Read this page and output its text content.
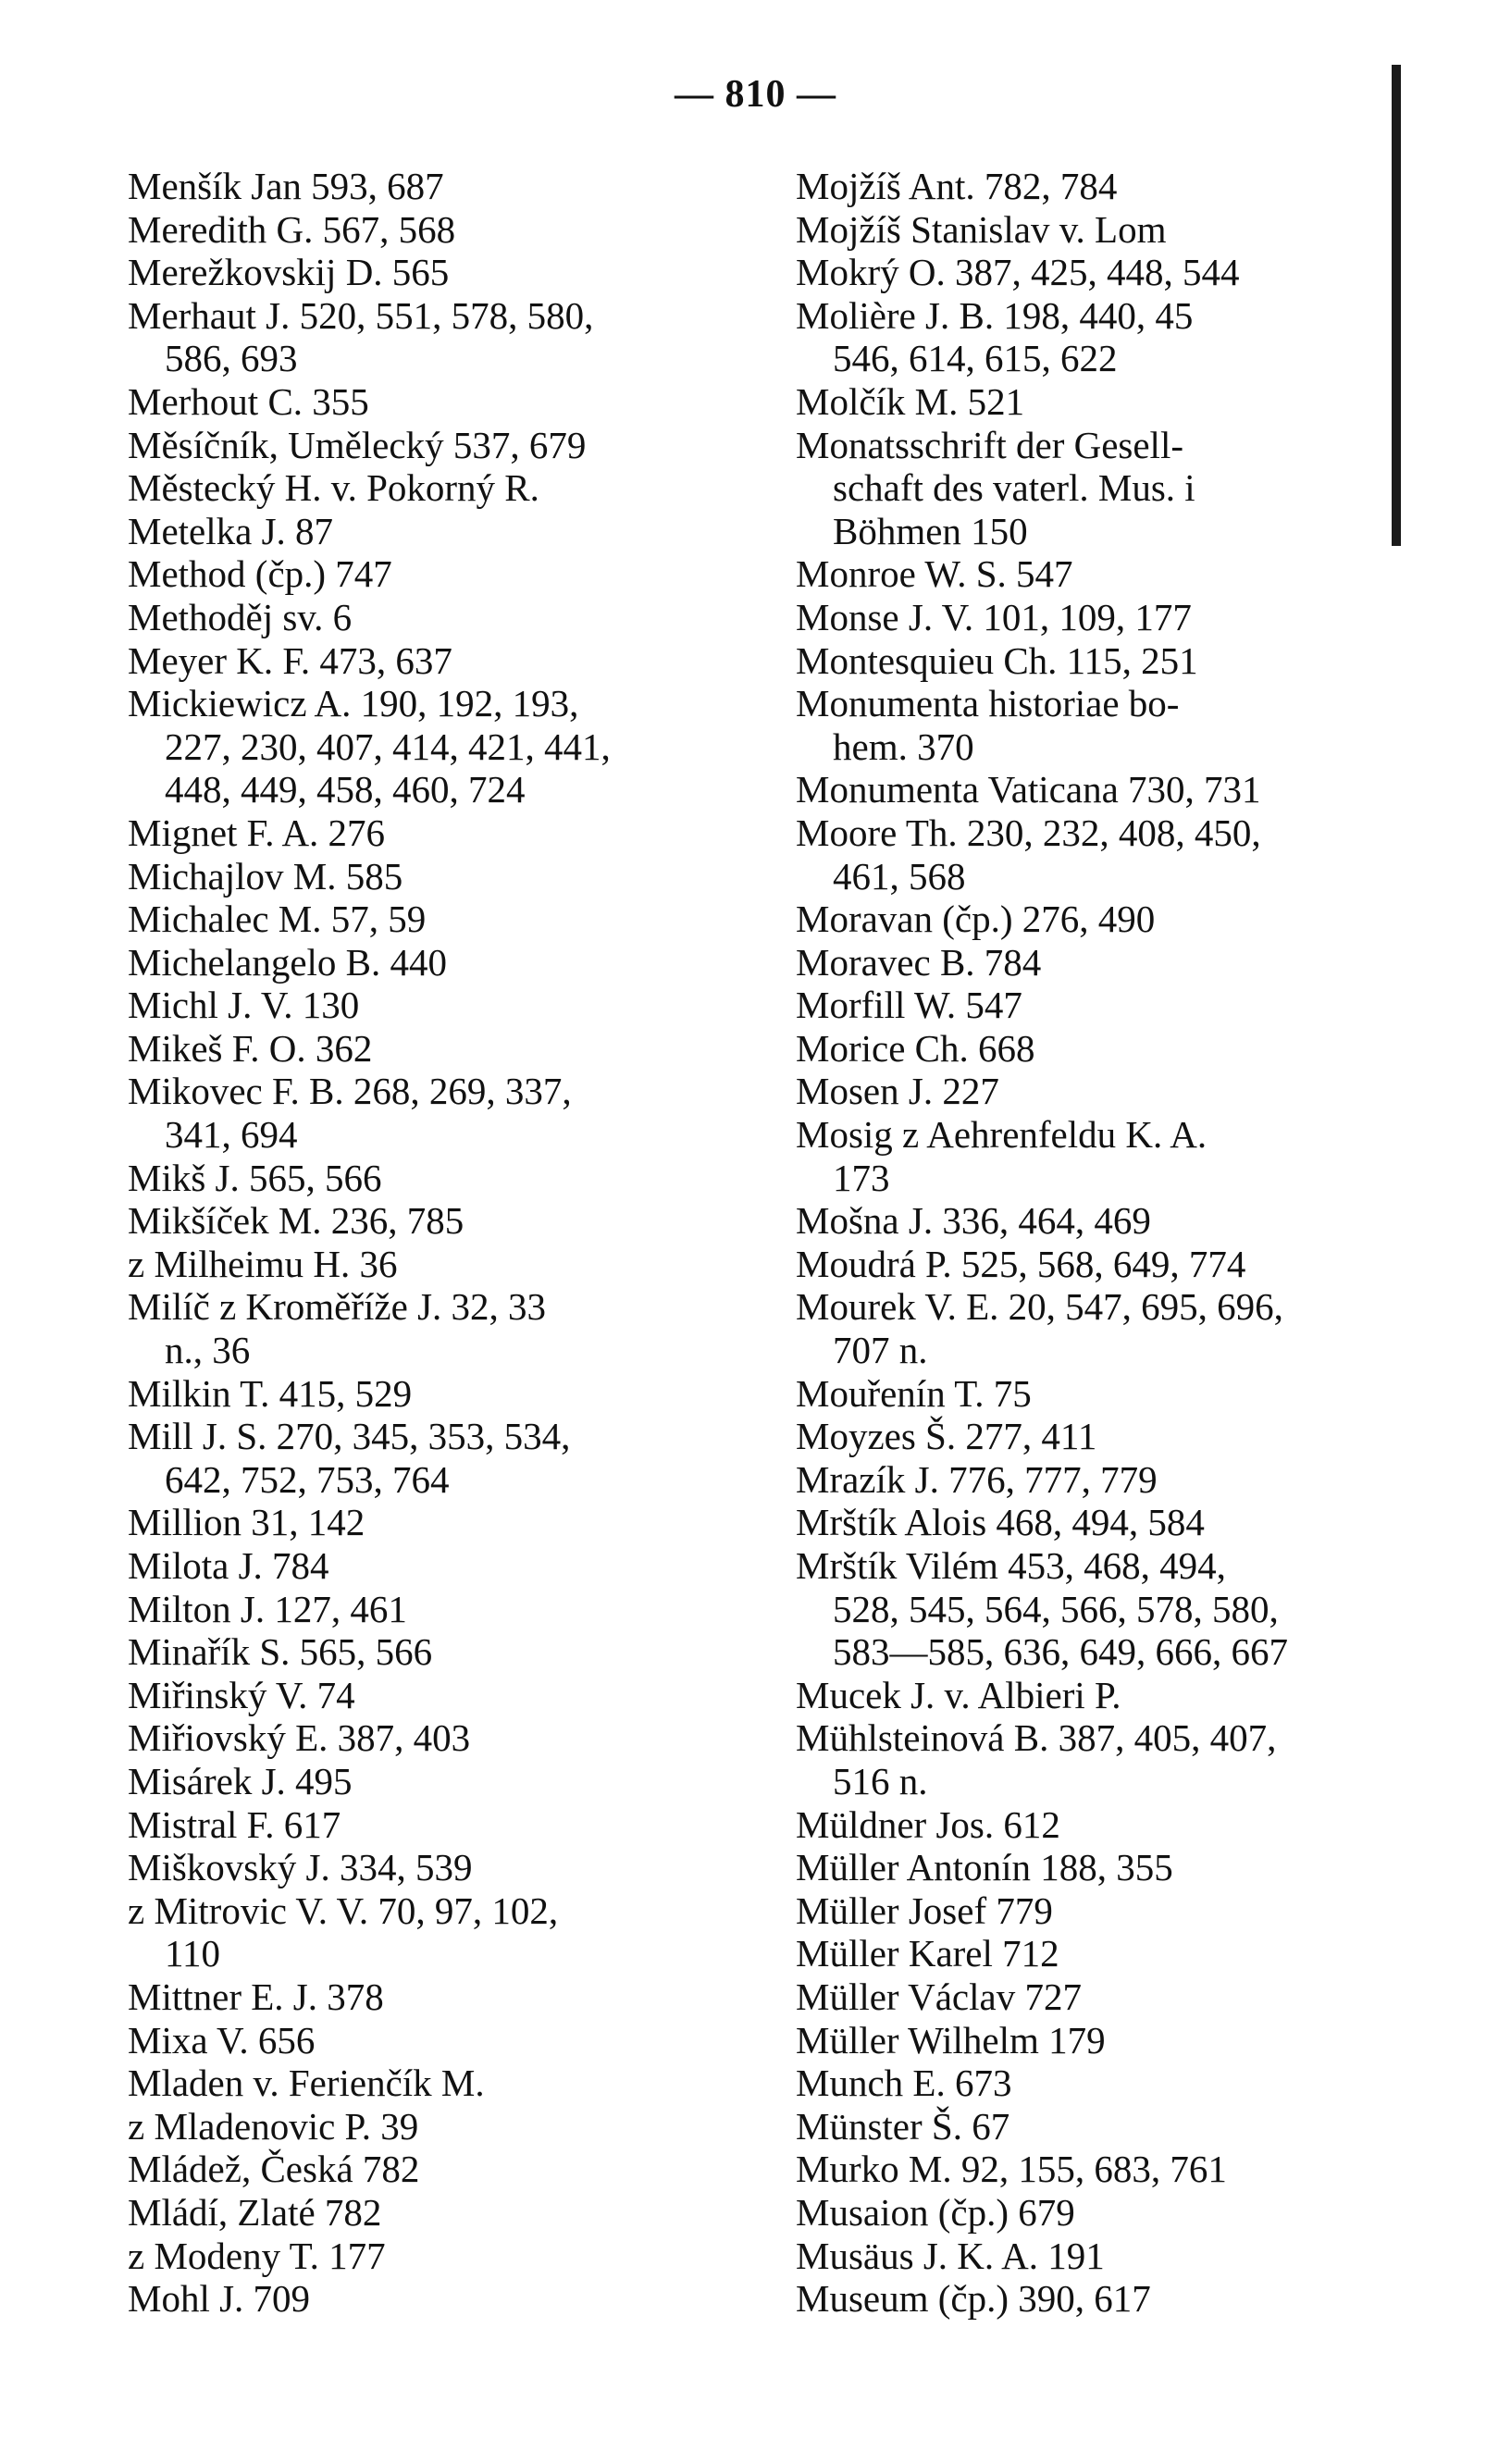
— 810 —
Menšík Jan 593, 687
Meredith G. 567, 568
Merežkovskij D. 565
Merhaut J. 520, 551, 578, 580,
586, 693
Merhout C. 355
Měsíčník, Umělecký 537, 679
Městecký H. v. Pokorný R.
Metelka J. 87
Method (čp.) 747
Methoděj sv. 6
Meyer K. F. 473, 637
Mickiewicz A. 190, 192, 193,
227, 230, 407, 414, 421, 441,
448, 449, 458, 460, 724
Mignet F. A. 276
Michajlov M. 585
Michalec M. 57, 59
Michelangelo B. 440
Michl J. V. 130
Mikeš F. O. 362
Mikovec F. B. 268, 269, 337,
341, 694
Mikš J. 565, 566
Mikšíček M. 236, 785
z Milheimu H. 36
Milíč z Kroměříže J. 32, 33
n., 36
Milkin T. 415, 529
Mill J. S. 270, 345, 353, 534,
642, 752, 753, 764
Million 31, 142
Milota J. 784
Milton J. 127, 461
Minařík S. 565, 566
Miřinský V. 74
Miřiovský E. 387, 403
Misárek J. 495
Mistral F. 617
Miškovský J. 334, 539
z Mitrovic V. V. 70, 97, 102,
110
Mittner E. J. 378
Mixa V. 656
Mladen v. Ferienčík M.
z Mladenovic P. 39
Mládež, Česká 782
Mládí, Zlaté 782
z Modeny T. 177
Mohl J. 709
Mojžíš Ant. 782, 784
Mojžíš Stanislav v. Lom
Mokrý O. 387, 425, 448, 544
Molière J. B. 198, 440, 45
546, 614, 615, 622
Molčík M. 521
Monatsschrift der Gesell-
schaft des vaterl. Mus. i
Böhmen 150
Monroe W. S. 547
Monse J. V. 101, 109, 177
Montesquieu Ch. 115, 251
Monumenta historiae bo-
hem. 370
Monumenta Vaticana 730, 731
Moore Th. 230, 232, 408, 450,
461, 568
Moravan (čp.) 276, 490
Moravec B. 784
Morfill W. 547
Morice Ch. 668
Mosen J. 227
Mosig z Aehrenfeldu K. A.
173
Mošna J. 336, 464, 469
Moudrá P. 525, 568, 649, 774
Mourek V. E. 20, 547, 695, 696,
707 n.
Mouřenín T. 75
Moyzes Š. 277, 411
Mrazík J. 776, 777, 779
Mrštík Alois 468, 494, 584
Mrštík Vilém 453, 468, 494,
528, 545, 564, 566, 578, 580,
583—585, 636, 649, 666, 667
Mucek J. v. Albieri P.
Mühlsteinová B. 387, 405, 407,
516 n.
Müldner Jos. 612
Müller Antonín 188, 355
Müller Josef 779
Müller Karel 712
Müller Václav 727
Müller Wilhelm 179
Munch E. 673
Münster Š. 67
Murko M. 92, 155, 683, 761
Musaion (čp.) 679
Musäus J. K. A. 191
Museum (čp.) 390, 617
